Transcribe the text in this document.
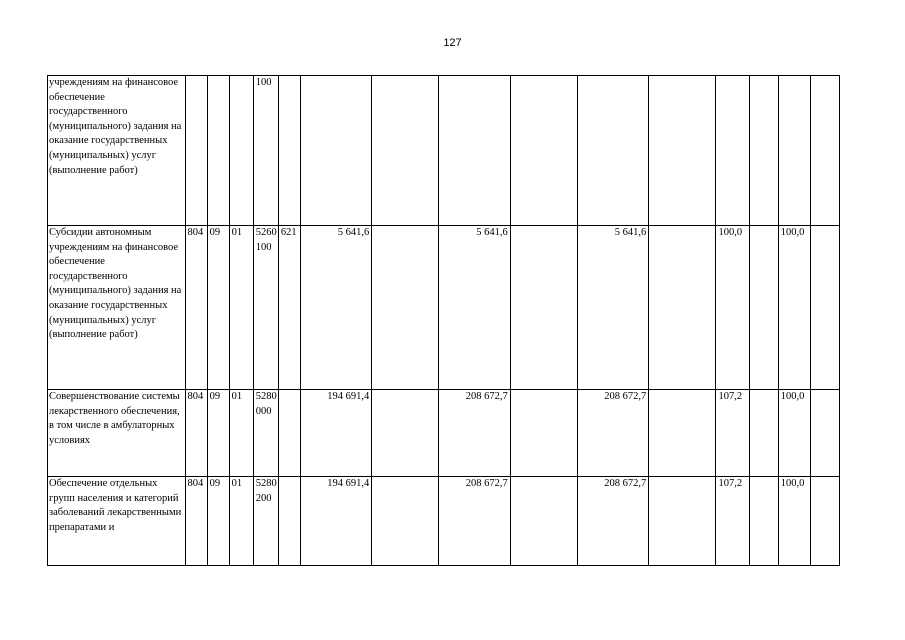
127
учреждениям на финансовое обеспечение государственного (муниципального) задания на оказание государственных (муниципальных) услуг (выполнение работ)				100											
Субсидии автономным учреждениям на финансовое обеспечение государственного (муниципального) задания на оказание государственных (муниципальных) услуг (выполнение работ)	804	09	01	5260 100	621	5 641,6		5 641,6		5 641,6		100,0		100,0	
Совершенствование системы лекарственного обеспечения, в том числе в амбулаторных условиях	804	09	01	5280 000		194 691,4		208 672,7		208 672,7		107,2		100,0	
Обеспечение отдельных групп населения и категорий заболеваний лекарственными препаратами и	804	09	01	5280 200		194 691,4		208 672,7		208 672,7		107,2		100,0	
